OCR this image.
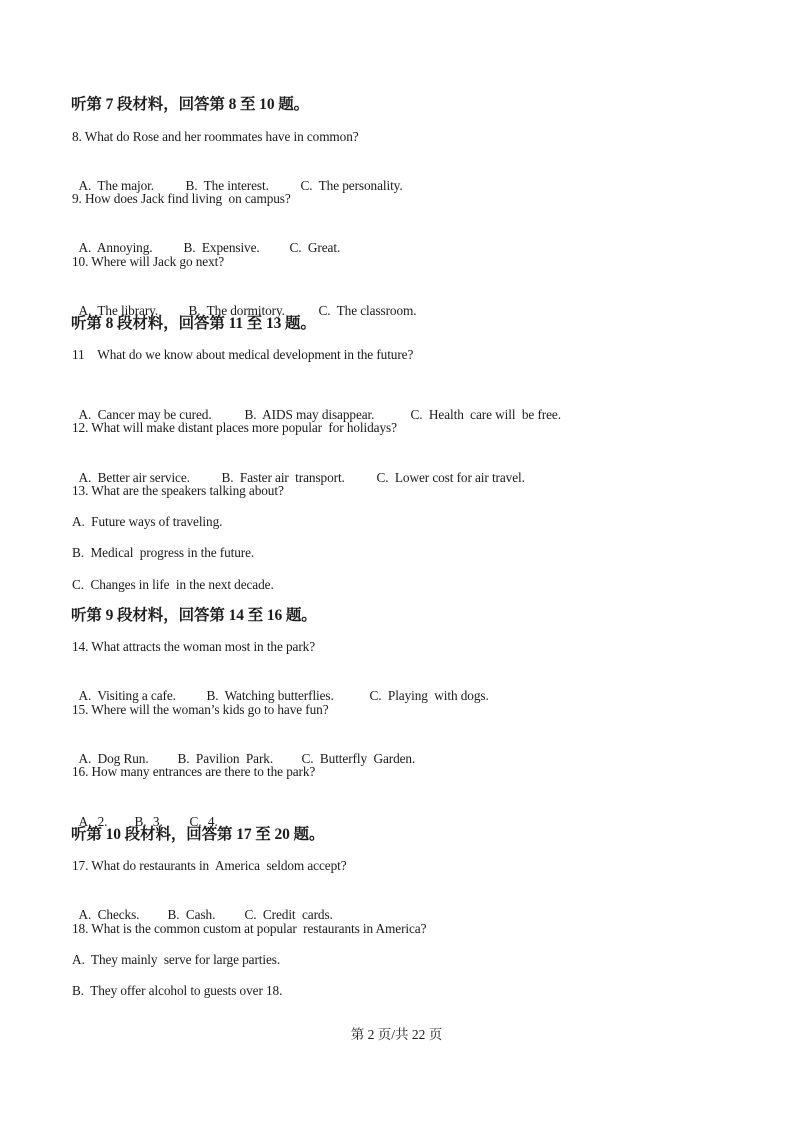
听第 7 段材料，回答第 8 至 10 题。
8. What do Rose and her roommates have in common?

A.  The major. B.  The interest. C.  The personality.

9. How does Jack find living  on campus?

A.  Annoying. B.  Expensive. C.  Great.

10. Where will Jack go next?

A.  The library. B.  The dormitory.	C.  The classroom.

听第 8 段材料，回答第 11 至 13 题。
11    What do we know about medical development in the future?

A.  Cancer may be cured. B.  AIDS may disappear.	C.  Health  care will  be free.

12. What will make distant places more popular  for holidays?

A.  Better air service. B.  Faster air  transport. C.  Lower cost for air travel.

13. What are the speakers talking about?
A.  Future ways of traveling.
B.  Medical  progress in the future.
C.  Changes in life  in the next decade.
听第 9 段材料，回答第 14 至 16 题。
14. What attracts the woman most in the park?

A.  Visiting a cafe. B.  Watching butterflies.	C.  Playing  with dogs.

15. Where will the woman’s kids go to have fun?

A.  Dog Run. B.  Pavilion  Park. C.  Butterfly  Garden.

16. How many entrances are there to the park?

A.  2. B.  3. C.  4.

听第 10 段材料，回答第 17 至 20 题。
17. What do restaurants in  America  seldom accept?

A.  Checks. B.  Cash. C.  Credit  cards.

18. What is the common custom at popular  restaurants in America?
A.  They mainly  serve for large parties.
B.  They offer alcohol to guests over 18.
第 2 页/共 22 页
